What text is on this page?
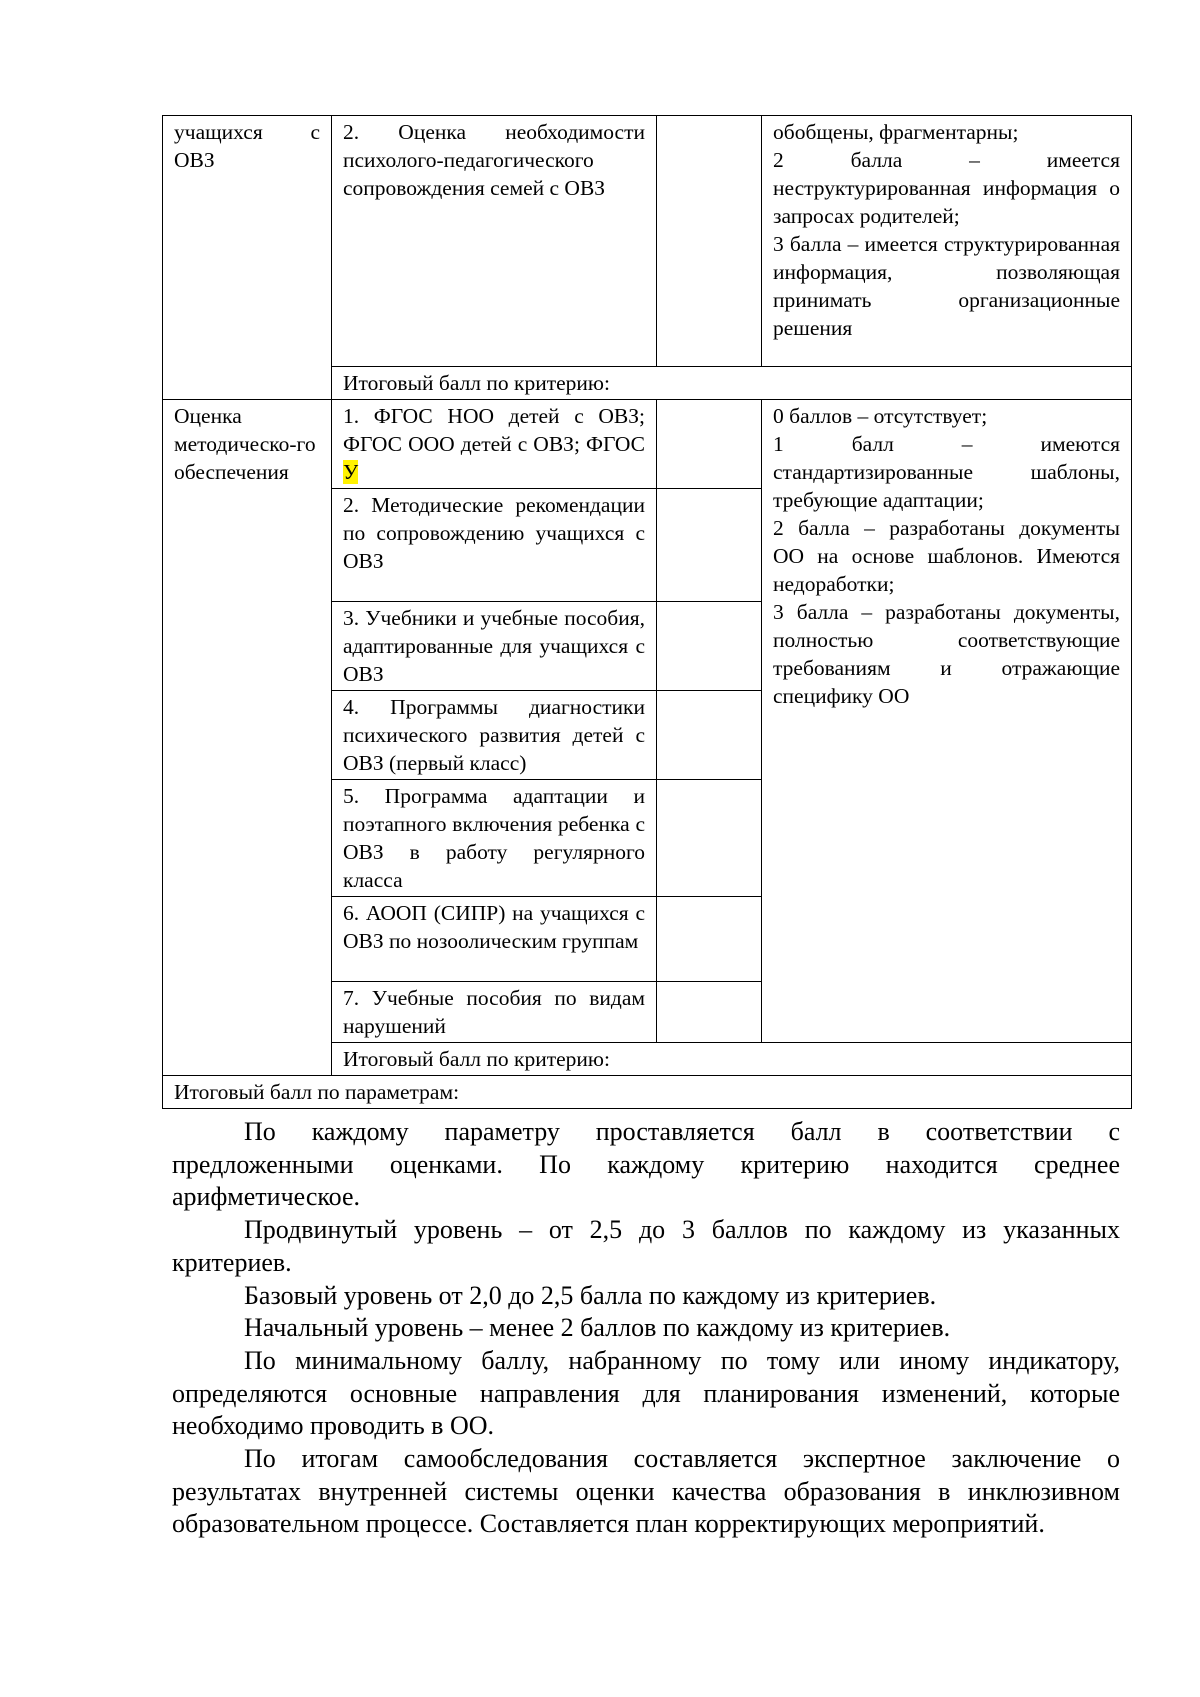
учащихся с ОВЗ	2. Оценка необходимости психолого-педагогического сопровождения семей с ОВЗ		
обобщены, фрагментарны;
2 балла – имеется неструктурированная информация о запросах родителей;
3 балла – имеется структурированная информация, позволяющая принимать организационные решения

Итоговый балл по критерию:

Оценка методическо-го обеспечения
	1. ФГОС НОО детей с ОВЗ; ФГОС ООО детей с ОВЗ; ФГОС У		
0 баллов – отсутствует;
1 балл – имеются стандартизированные шаблоны, требующие адаптации;
2 балла – разработаны документы ОО на основе шаблонов. Имеются недоработки;
3 балла – разработаны документы, полностью соответствующие требованиям и отражающие специфику ОО

2. Методические рекомендации по сопровождению учащихся с ОВЗ	
3. Учебники и учебные пособия, адаптированные для учащихся с ОВЗ	
4. Программы диагностики психического развития детей с ОВЗ (первый класс)	
5. Программа адаптации и поэтапного включения ребенка с ОВЗ в работу регулярного класса	
6. АООП (СИПР) на учащихся с ОВЗ по нозоолическим группам	
7. Учебные пособия по видам нарушений	
Итоговый балл по критерию:
Итоговый балл по параметрам:

По каждому параметру проставляется балл в соответствии с
предложенными оценками. По каждому критерию находится среднее арифметическое.

Продвинутый уровень – от 2,5 до 3 баллов по каждому из указанных критериев.

Базовый уровень от 2,0 до 2,5 балла по каждому из критериев.

Начальный уровень – менее 2 баллов по каждому из критериев.

По минимальному баллу, набранному по тому или иному индикатору, определяются основные направления для планирования изменений, которые необходимо проводить в ОО.

По итогам самообследования составляется экспертное заключение о результатах внутренней системы оценки качества образования в инклюзивном образовательном процессе. Составляется план корректирующих мероприятий.
